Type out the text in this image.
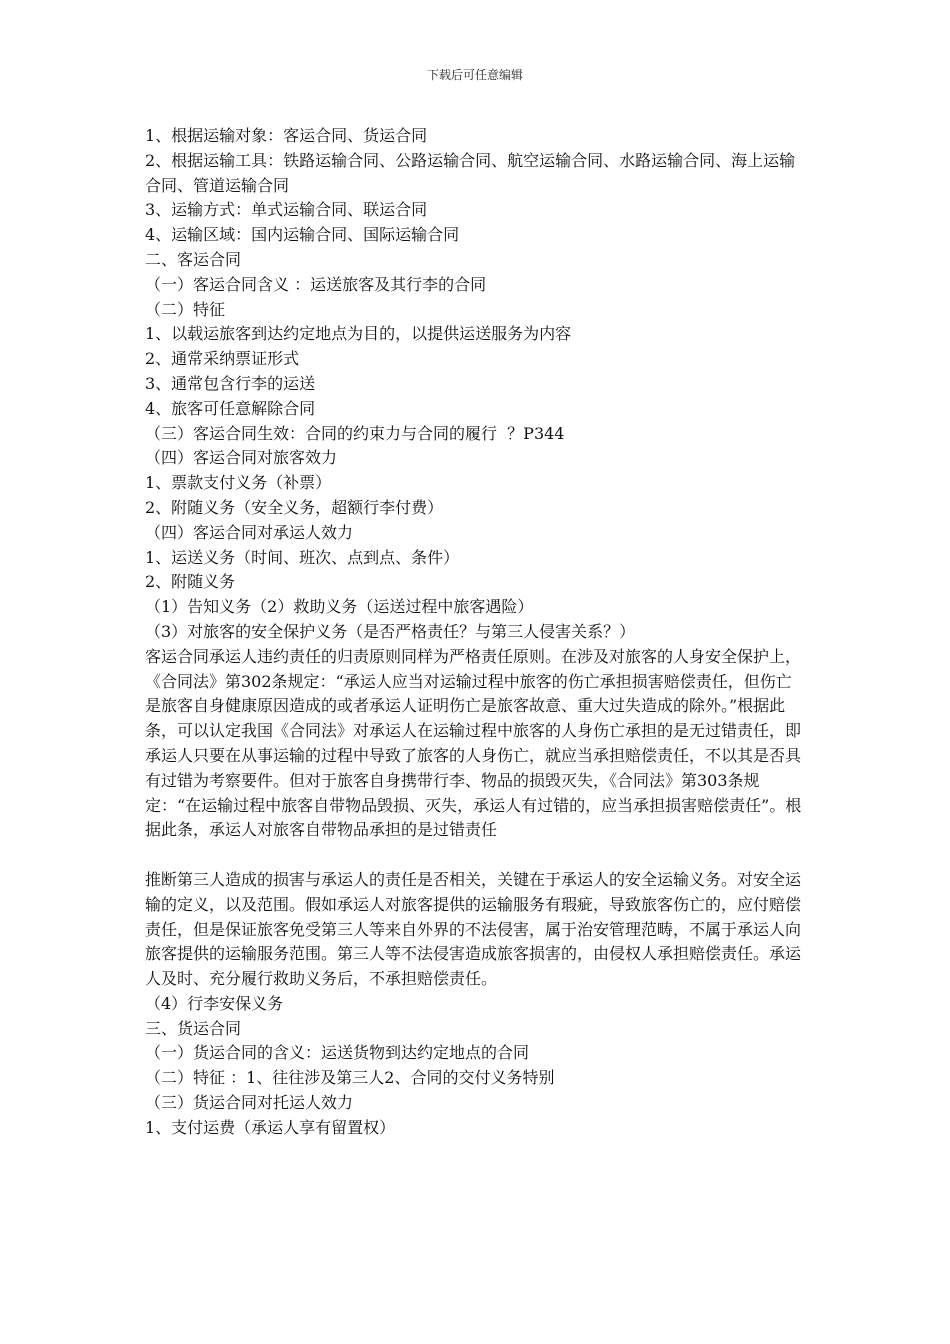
下载后可任意编辑
1、根据运输对象：客运合同、货运合同
2、根据运输工具：铁路运输合同、公路运输合同、航空运输合同、水路运输合同、海上运输合同、管道运输合同
3、运输方式：单式运输合同、联运合同
4、运输区域：国内运输合同、国际运输合同
二、客运合同
（一）客运合同含义 ：运送旅客及其行李的合同
（二）特征
1、以载运旅客到达约定地点为目的，以提供运送服务为内容
2、通常采纳票证形式
3、通常包含行李的运送
4、旅客可任意解除合同
（三）客运合同生效：合同的约束力与合同的履行  ？P344
（四）客运合同对旅客效力
1、票款支付义务（补票）
2、附随义务（安全义务，超额行李付费）
（四）客运合同对承运人效力
1、运送义务（时间、班次、点到点、条件）
2、附随义务
（1）告知义务（2）救助义务（运送过程中旅客遇险）
（3）对旅客的安全保护义务（是否严格责任？与第三人侵害关系？）
客运合同承运人违约责任的归责原则同样为严格责任原则。在涉及对旅客的人身安全保护上，《合同法》第302条规定：“承运人应当对运输过程中旅客的伤亡承担损害赔偿责任，但伤亡是旅客自身健康原因造成的或者承运人证明伤亡是旅客故意、重大过失造成的除外。”根据此条，可以认定我国《合同法》对承运人在运输过程中旅客的人身伤亡承担的是无过错责任，即承运人只要在从事运输的过程中导致了旅客的人身伤亡，就应当承担赔偿责任，不以其是否具有过错为考察要件。但对于旅客自身携带行李、物品的损毁灭失，《合同法》第303条规定：“在运输过程中旅客自带物品毁损、灭失，承运人有过错的，应当承担损害赔偿责任”。根据此条，承运人对旅客自带物品承担的是过错责任
推断第三人造成的损害与承运人的责任是否相关，关键在于承运人的安全运输义务。对安全运输的定义，以及范围。假如承运人对旅客提供的运输服务有瑕疵，导致旅客伤亡的，应付赔偿责任，但是保证旅客免受第三人等来自外界的不法侵害，属于治安管理范畴，不属于承运人向旅客提供的运输服务范围。第三人等不法侵害造成旅客损害的，由侵权人承担赔偿责任。承运人及时、充分履行救助义务后，不承担赔偿责任。
（4）行李安保义务
三、货运合同
（一）货运合同的含义：运送货物到达约定地点的合同
（二）特征 ：1、往往涉及第三人2、合同的交付义务特别
（三）货运合同对托运人效力
1、支付运费（承运人享有留置权）
